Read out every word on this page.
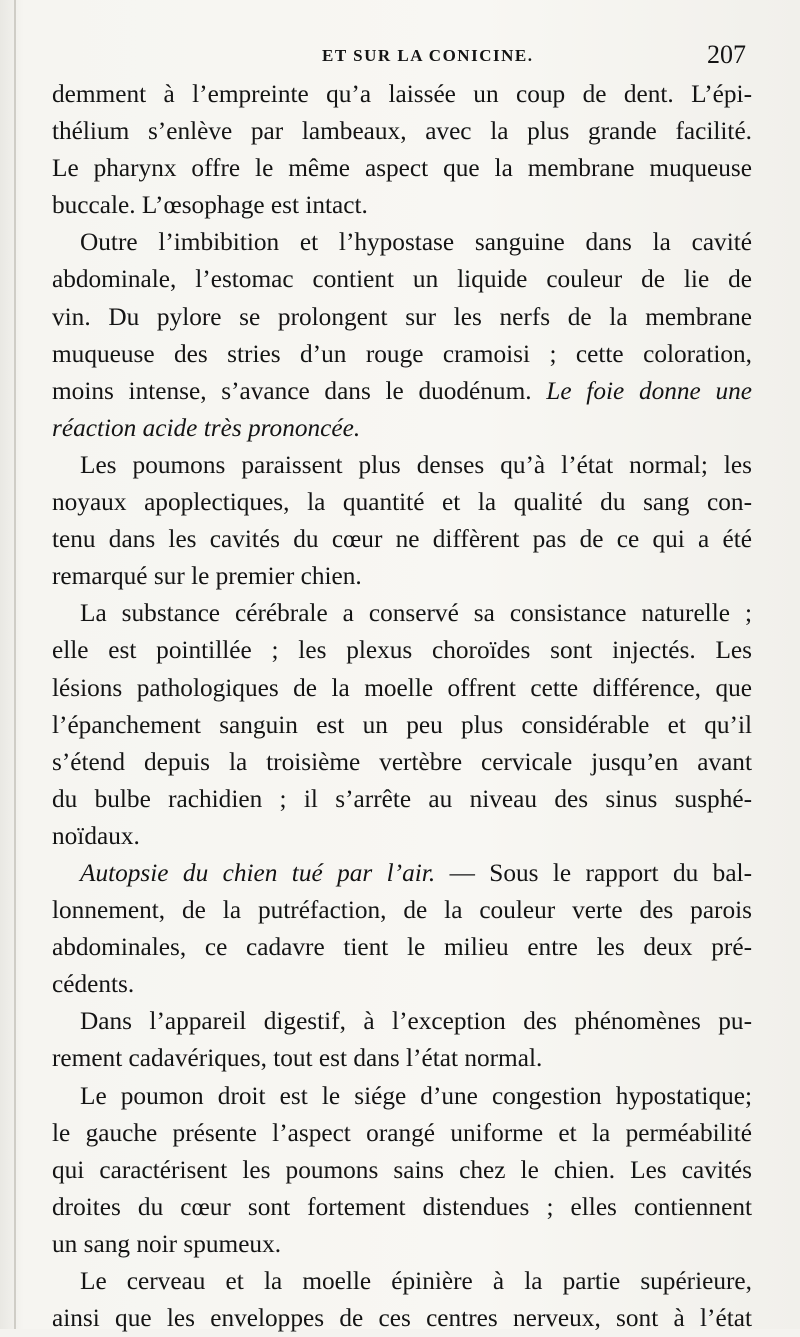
ET SUR LA CONICINE.	207
demment à l’empreinte qu’a laissée un coup de dent. L’épi-
thélium s’enlève par lambeaux, avec la plus grande facilité.
Le pharynx offre le même aspect que la membrane muqueuse
buccale. L’œsophage est intact.
Outre l’imbibition et l’hypostase sanguine dans la cavité
abdominale, l’estomac contient un liquide couleur de lie de
vin. Du pylore se prolongent sur les nerfs de la membrane
muqueuse des stries d’un rouge cramoisi ; cette coloration,
moins intense, s’avance dans le duodénum. Le foie donne une
réaction acide très prononcée.
Les poumons paraissent plus denses qu’à l’état normal; les
noyaux apoplectiques, la quantité et la qualité du sang con-
tenu dans les cavités du cœur ne diffèrent pas de ce qui a été
remarqué sur le premier chien.
La substance cérébrale a conservé sa consistance naturelle ;
elle est pointillée ; les plexus choroïdes sont injectés. Les
lésions pathologiques de la moelle offrent cette différence, que
l’épanchement sanguin est un peu plus considérable et qu’il
s’étend depuis la troisième vertèbre cervicale jusqu’en avant
du bulbe rachidien ; il s’arrête au niveau des sinus susphé-
noïdaux.
Autopsie du chien tué par l’air. — Sous le rapport du bal-
lonnement, de la putréfaction, de la couleur verte des parois
abdominales, ce cadavre tient le milieu entre les deux pré-
cédents.
Dans l’appareil digestif, à l’exception des phénomènes pu-
rement cadavériques, tout est dans l’état normal.
Le poumon droit est le siége d’une congestion hypostatique;
le gauche présente l’aspect orangé uniforme et la perméabilité
qui caractérisent les poumons sains chez le chien. Les cavités
droites du cœur sont fortement distendues ; elles contiennent
un sang noir spumeux.
Le cerveau et la moelle épinière à la partie supérieure,
ainsi que les enveloppes de ces centres nerveux, sont à l’état
